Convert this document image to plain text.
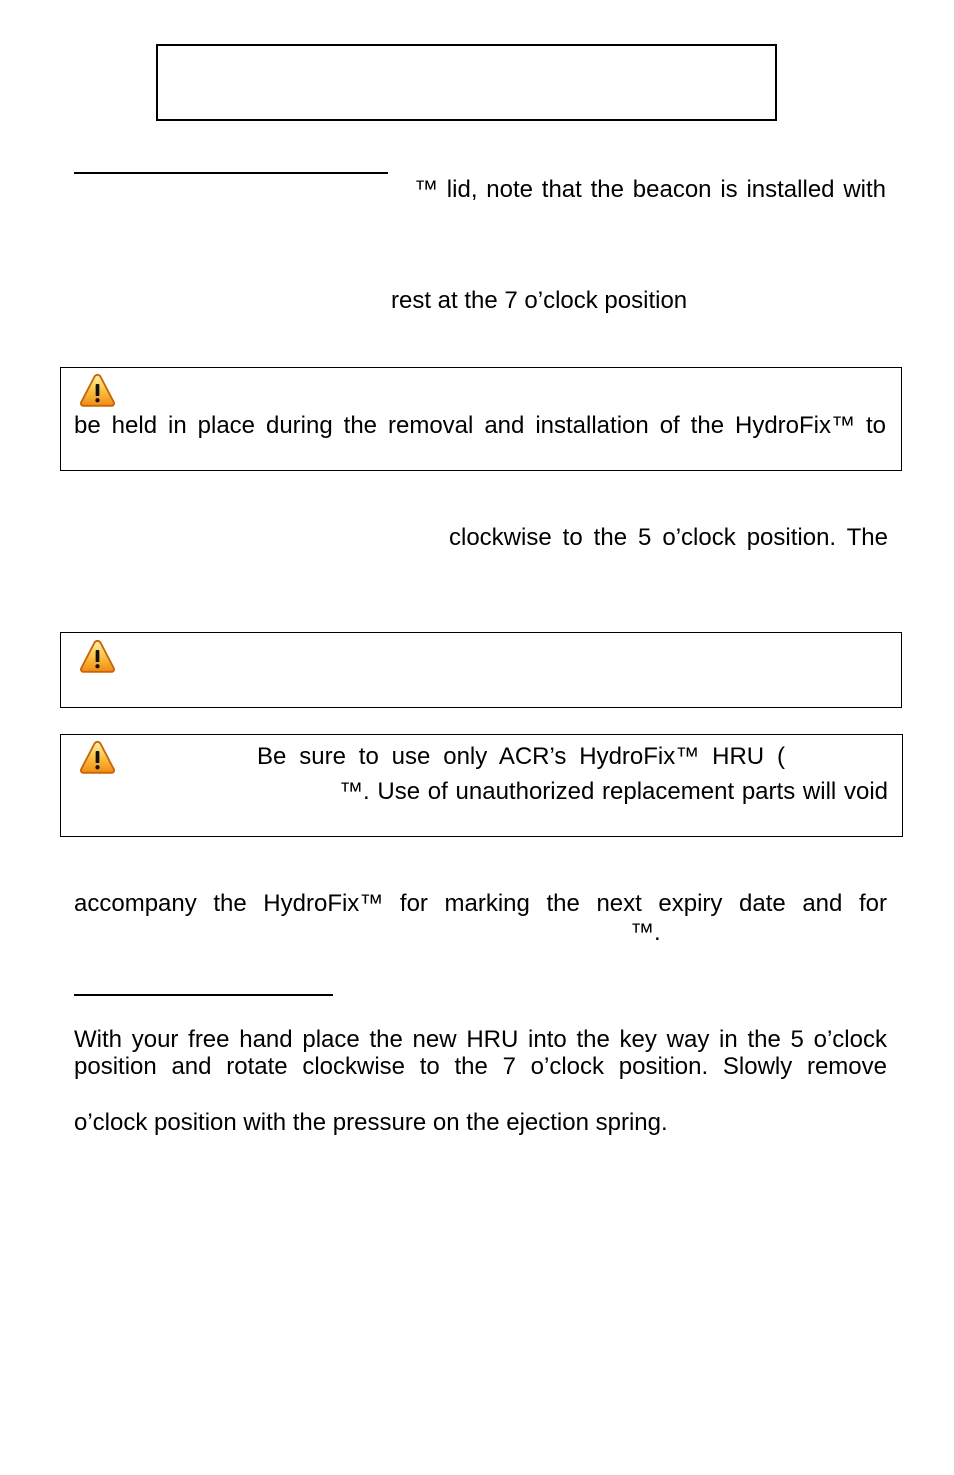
™ lid, note that the beacon is installed with
rest at the 7 o’clock position
be held in place during the removal and installation of the HydroFix™ to
clockwise to the 5 o’clock position. The
Be sure to use only ACR’s HydroFix™ HRU (
™. Use of unauthorized replacement parts will void
accompany the HydroFix™ for marking the next expiry date and for
™.
With your free hand place the new HRU into the key way in the 5 o’clock
position and rotate clockwise to the 7 o’clock position. Slowly remove
o’clock position with the pressure on the ejection spring.
